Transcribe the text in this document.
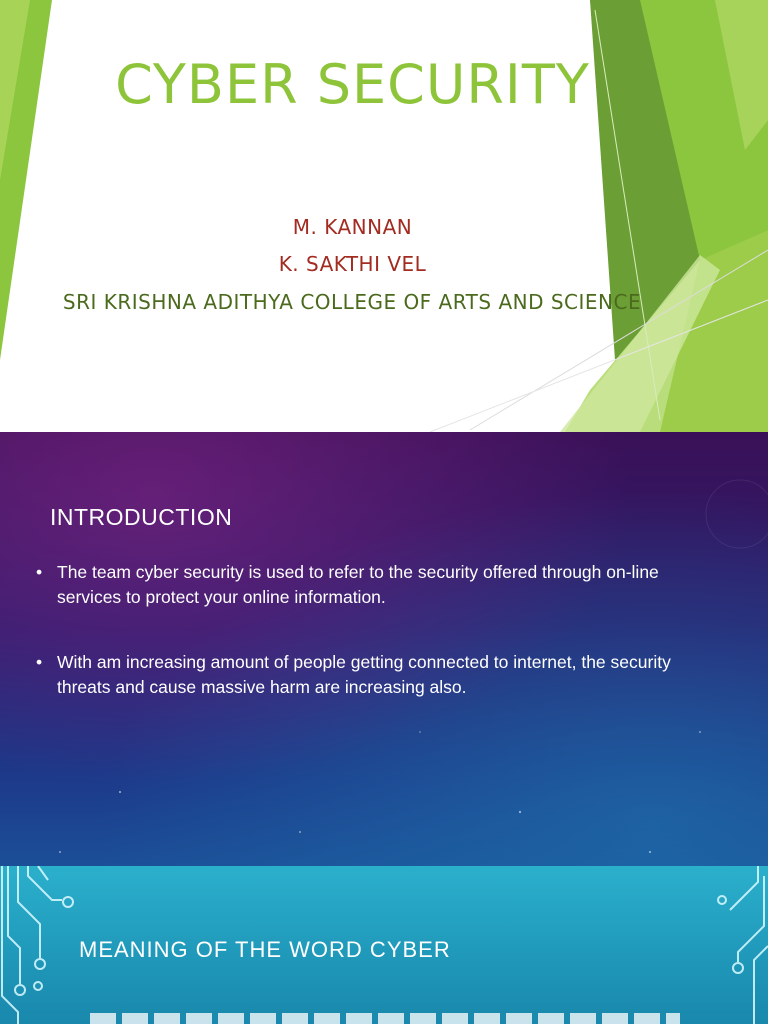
CYBER SECURITY
M. KANNAN
K. SAKTHI VEL
SRI KRISHNA ADITHYA COLLEGE OF ARTS AND SCIENCE
INTRODUCTION
• The team cyber security is used to refer to the security offered through on-line services to protect your online information.
• With am increasing amount of people getting connected to internet, the security threats and cause massive harm are increasing also.
MEANING OF THE WORD CYBER
